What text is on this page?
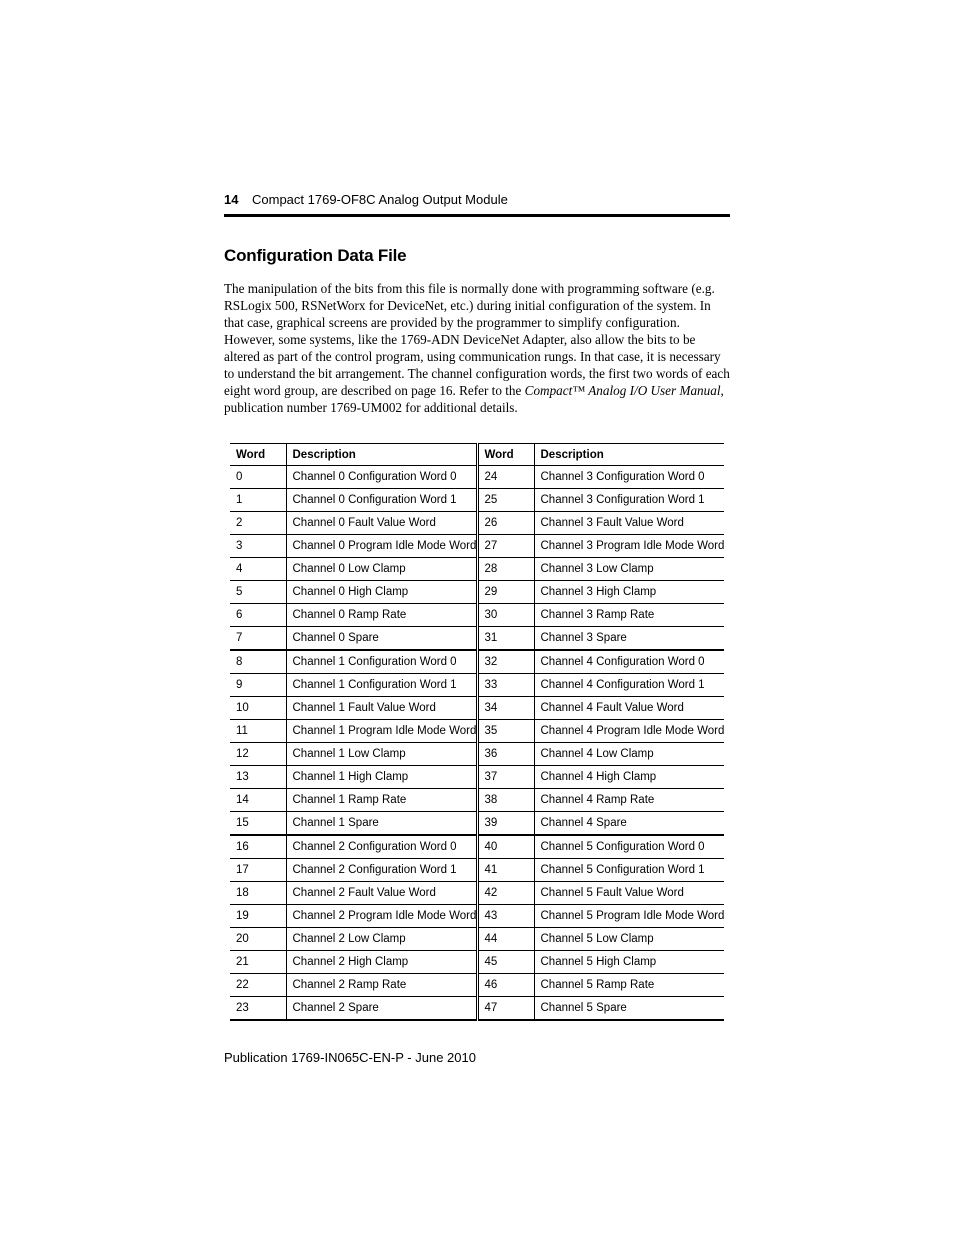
14 Compact 1769-OF8C Analog Output Module
Configuration Data File

The manipulation of the bits from this file is normally done with programming software (e.g. RSLogix 500, RSNetWorx for DeviceNet, etc.) during initial configuration of the system. In that case, graphical screens are provided by the programmer to simplify configuration. However, some systems, like the 1769-ADN DeviceNet Adapter, also allow the bits to be altered as part of the control program, using communication rungs. In that case, it is necessary to understand the bit arrangement. The channel configuration words, the first two words of each eight word group, are described on page 16. Refer to the Compact™ Analog I/O User Manual, publication number 1769-UM002 for additional details.

Word	Description	Word	Description
0	Channel 0 Configuration Word 0	24	Channel 3 Configuration Word 0
1	Channel 0 Configuration Word 1	25	Channel 3 Configuration Word 1
2	Channel 0 Fault Value Word	26	Channel 3 Fault Value Word
3	Channel 0 Program Idle Mode Word	27	Channel 3 Program Idle Mode Word
4	Channel 0 Low Clamp	28	Channel 3 Low Clamp
5	Channel 0 High Clamp	29	Channel 3 High Clamp
6	Channel 0 Ramp Rate	30	Channel 3 Ramp Rate
7	Channel 0 Spare	31	Channel 3 Spare
8	Channel 1 Configuration Word 0	32	Channel 4 Configuration Word 0
9	Channel 1 Configuration Word 1	33	Channel 4 Configuration Word 1
10	Channel 1 Fault Value Word	34	Channel 4 Fault Value Word
11	Channel 1 Program Idle Mode Word	35	Channel 4 Program Idle Mode Word
12	Channel 1 Low Clamp	36	Channel 4 Low Clamp
13	Channel 1 High Clamp	37	Channel 4 High Clamp
14	Channel 1 Ramp Rate	38	Channel 4 Ramp Rate
15	Channel 1 Spare	39	Channel 4 Spare
16	Channel 2 Configuration Word 0	40	Channel 5 Configuration Word 0
17	Channel 2 Configuration Word 1	41	Channel 5 Configuration Word 1
18	Channel 2 Fault Value Word	42	Channel 5 Fault Value Word
19	Channel 2 Program Idle Mode Word	43	Channel 5 Program Idle Mode Word
20	Channel 2 Low Clamp	44	Channel 5 Low Clamp
21	Channel 2 High Clamp	45	Channel 5 High Clamp
22	Channel 2 Ramp Rate	46	Channel 5 Ramp Rate
23	Channel 2 Spare	47	Channel 5 Spare
Publication 1769-IN065C-EN-P - June 2010
